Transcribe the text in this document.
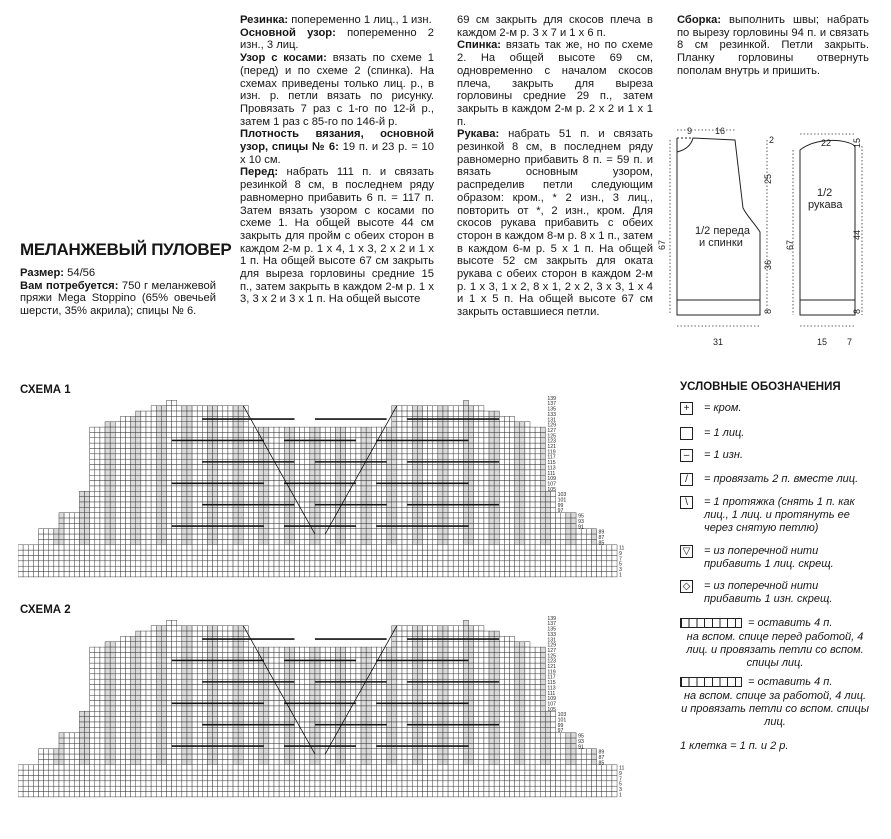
МЕЛАНЖЕВЫЙ ПУЛОВЕР

Размер: 54/56

Вам потребуется: 750 г меланжевой пряжи Mega Stoppino (65% овечьей шерсти, 35% акрила); спицы № 6.

Резинка: попеременно 1 лиц., 1 изн.

Основной узор: попеременно 2 изн., 3 лиц.

Узор с косами: вязать по схеме 1 (перед) и по схеме 2 (спинка). На схемах приведены только лиц. р., в изн. р. петли вязать по рисунку. Провязать 7 раз с 1-го по 12-й р., затем 1 раз с 85-го по 146-й р.

Плотность вязания, основной узор, спицы № 6: 19 п. и 23 р. = 10 х 10 см.

Перед: набрать 111 п. и связать резинкой 8 см, в последнем ряду равномерно прибавить 6 п. = 117 п. Затем вязать узором с косами по схеме 1. На общей высоте 44 см закрыть для пройм с обеих сторон в каждом 2-м р. 1 х 4, 1 х 3, 2 х 2 и 1 х 1 п. На общей высоте 67 см закрыть для выреза горловины средние 15 п., затем закрыть в каждом 2-м р. 1 х 3, 3 х 2 и 3 х 1 п. На общей высоте

69 см закрыть для скосов плеча в каждом 2-м р. 3 х 7 и 1 х 6 п.

Спинка: вязать так же, но по схеме 2. На общей высоте 69 см, одновременно с началом скосов плеча, закрыть для выреза горловины средние 29 п., затем закрыть в каждом 2-м р. 2 х 2 и 1 х 1 п.

Рукава: набрать 51 п. и связать резинкой 8 см, в последнем ряду равномерно прибавить 8 п. = 59 п. и вязать основным узором, распределив петли следующим образом: кром., * 2 изн., 3 лиц., повторить от *, 2 изн., кром. Для скосов рукава прибавить с обеих сторон в каждом 8-м р. 8 х 1 п., затем в каждом 6-м р. 5 х 1 п. На общей высоте 52 см закрыть для оката рукава с обеих сторон в каждом 2-м р. 1 х 3, 1 х 2, 8 х 1, 2 х 2, 3 х 3, 1 х 4 и 1 х 5 п. На общей высоте 67 см закрыть оставшиеся петли.

Сборка: выполнить швы; набрать по вырезу горловины 94 п. и связать 8 см резинкой. Петли закрыть. Планку горловины отвернуть пополам внутрь и пришить.

9	16
2
25
36
8
67
31
1/2 переда
и спинки
22 15
44
8
67
15 7
1/2
рукава
СХЕМА 1
СХЕМА 2
139
137
135
133
131
129
127
125
123
121
119
117
115
113
111
109
107
105
103
101
99
97
95
93
91
89
87
85
11
9
7
5
3
1
139
137
135
133
131
129
127
125
123
121
119
117
115
113
111
109
107
105
103
101
99
97
95
93
91
89
87
85
11
9
7
5
3
1
УСЛОВНЫЕ ОБОЗНАЧЕНИЯ
+	= кром.
= 1 лиц.
–	= 1 изн.
/	= провязать 2 п. вместе лиц.
\	= 1 протяжка (снять 1 п. как лиц., 1 лиц. и протянуть ее через снятую петлю)
▽ = из поперечной нити прибавить 1 лиц. скрещ.
◇ = из поперечной нити прибавить 1 изн. скрещ.
= оставить 4 п.
на вспом. спице перед работой, 4 лиц. и провязать петли со вспом. спицы лиц.
= оставить 4 п.
на вспом. спице за работой, 4 лиц. и провязать петли со вспом. спицы лиц.
1 клетка = 1 п. и 2 р.
